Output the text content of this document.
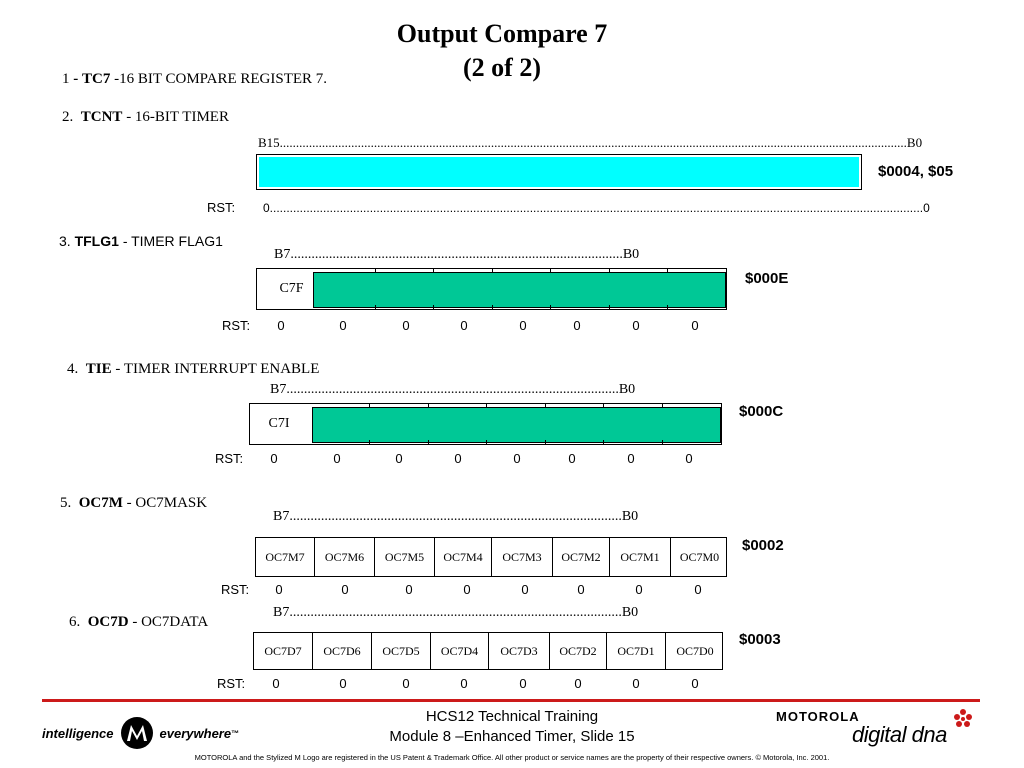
Output Compare 7
(2 of 2)
1 - TC7 -16 BIT COMPARE REGISTER 7.
2. TCNT - 16-BIT TIMER
B15.................................................................................................................................................................................................B0
$0004, $05
RST: 0....................................................................................................................................................................................................0
3. TFLG1 - TIMER FLAG1
B7...............................................................................................B0
C7F
$000E
RST:	0	0	0	0	0	0	0	0
4. TIE - TIMER INTERRUPT ENABLE
B7...............................................................................................B0
C7I
$000C
RST:	0	0	0	0	0	0	0	0
5. OC7M - OC7MASK
B7...............................................................................................B0
OC7M7	OC7M6	OC7M5	OC7M4	OC7M3	OC7M2	OC7M1	OC7M0
$0002
RST:	0	0	0	0	0	0	0	0
B7...............................................................................................B0
6. OC7D - OC7DATA
OC7D7	OC7D6	OC7D5	OC7D4	OC7D3	OC7D2	OC7D1	OC7D0
$0003
RST:	0	0	0	0	0	0	0	0
intelligence	everywhere ™
HCS12 Technical Training
Module 8 –Enhanced Timer, Slide 15
MOTOROLA
digital dna
MOTOROLA and the Stylized M Logo are registered in the US Patent & Trademark Office. All other product or service names are the property of their respective owners. © Motorola, Inc. 2001.
